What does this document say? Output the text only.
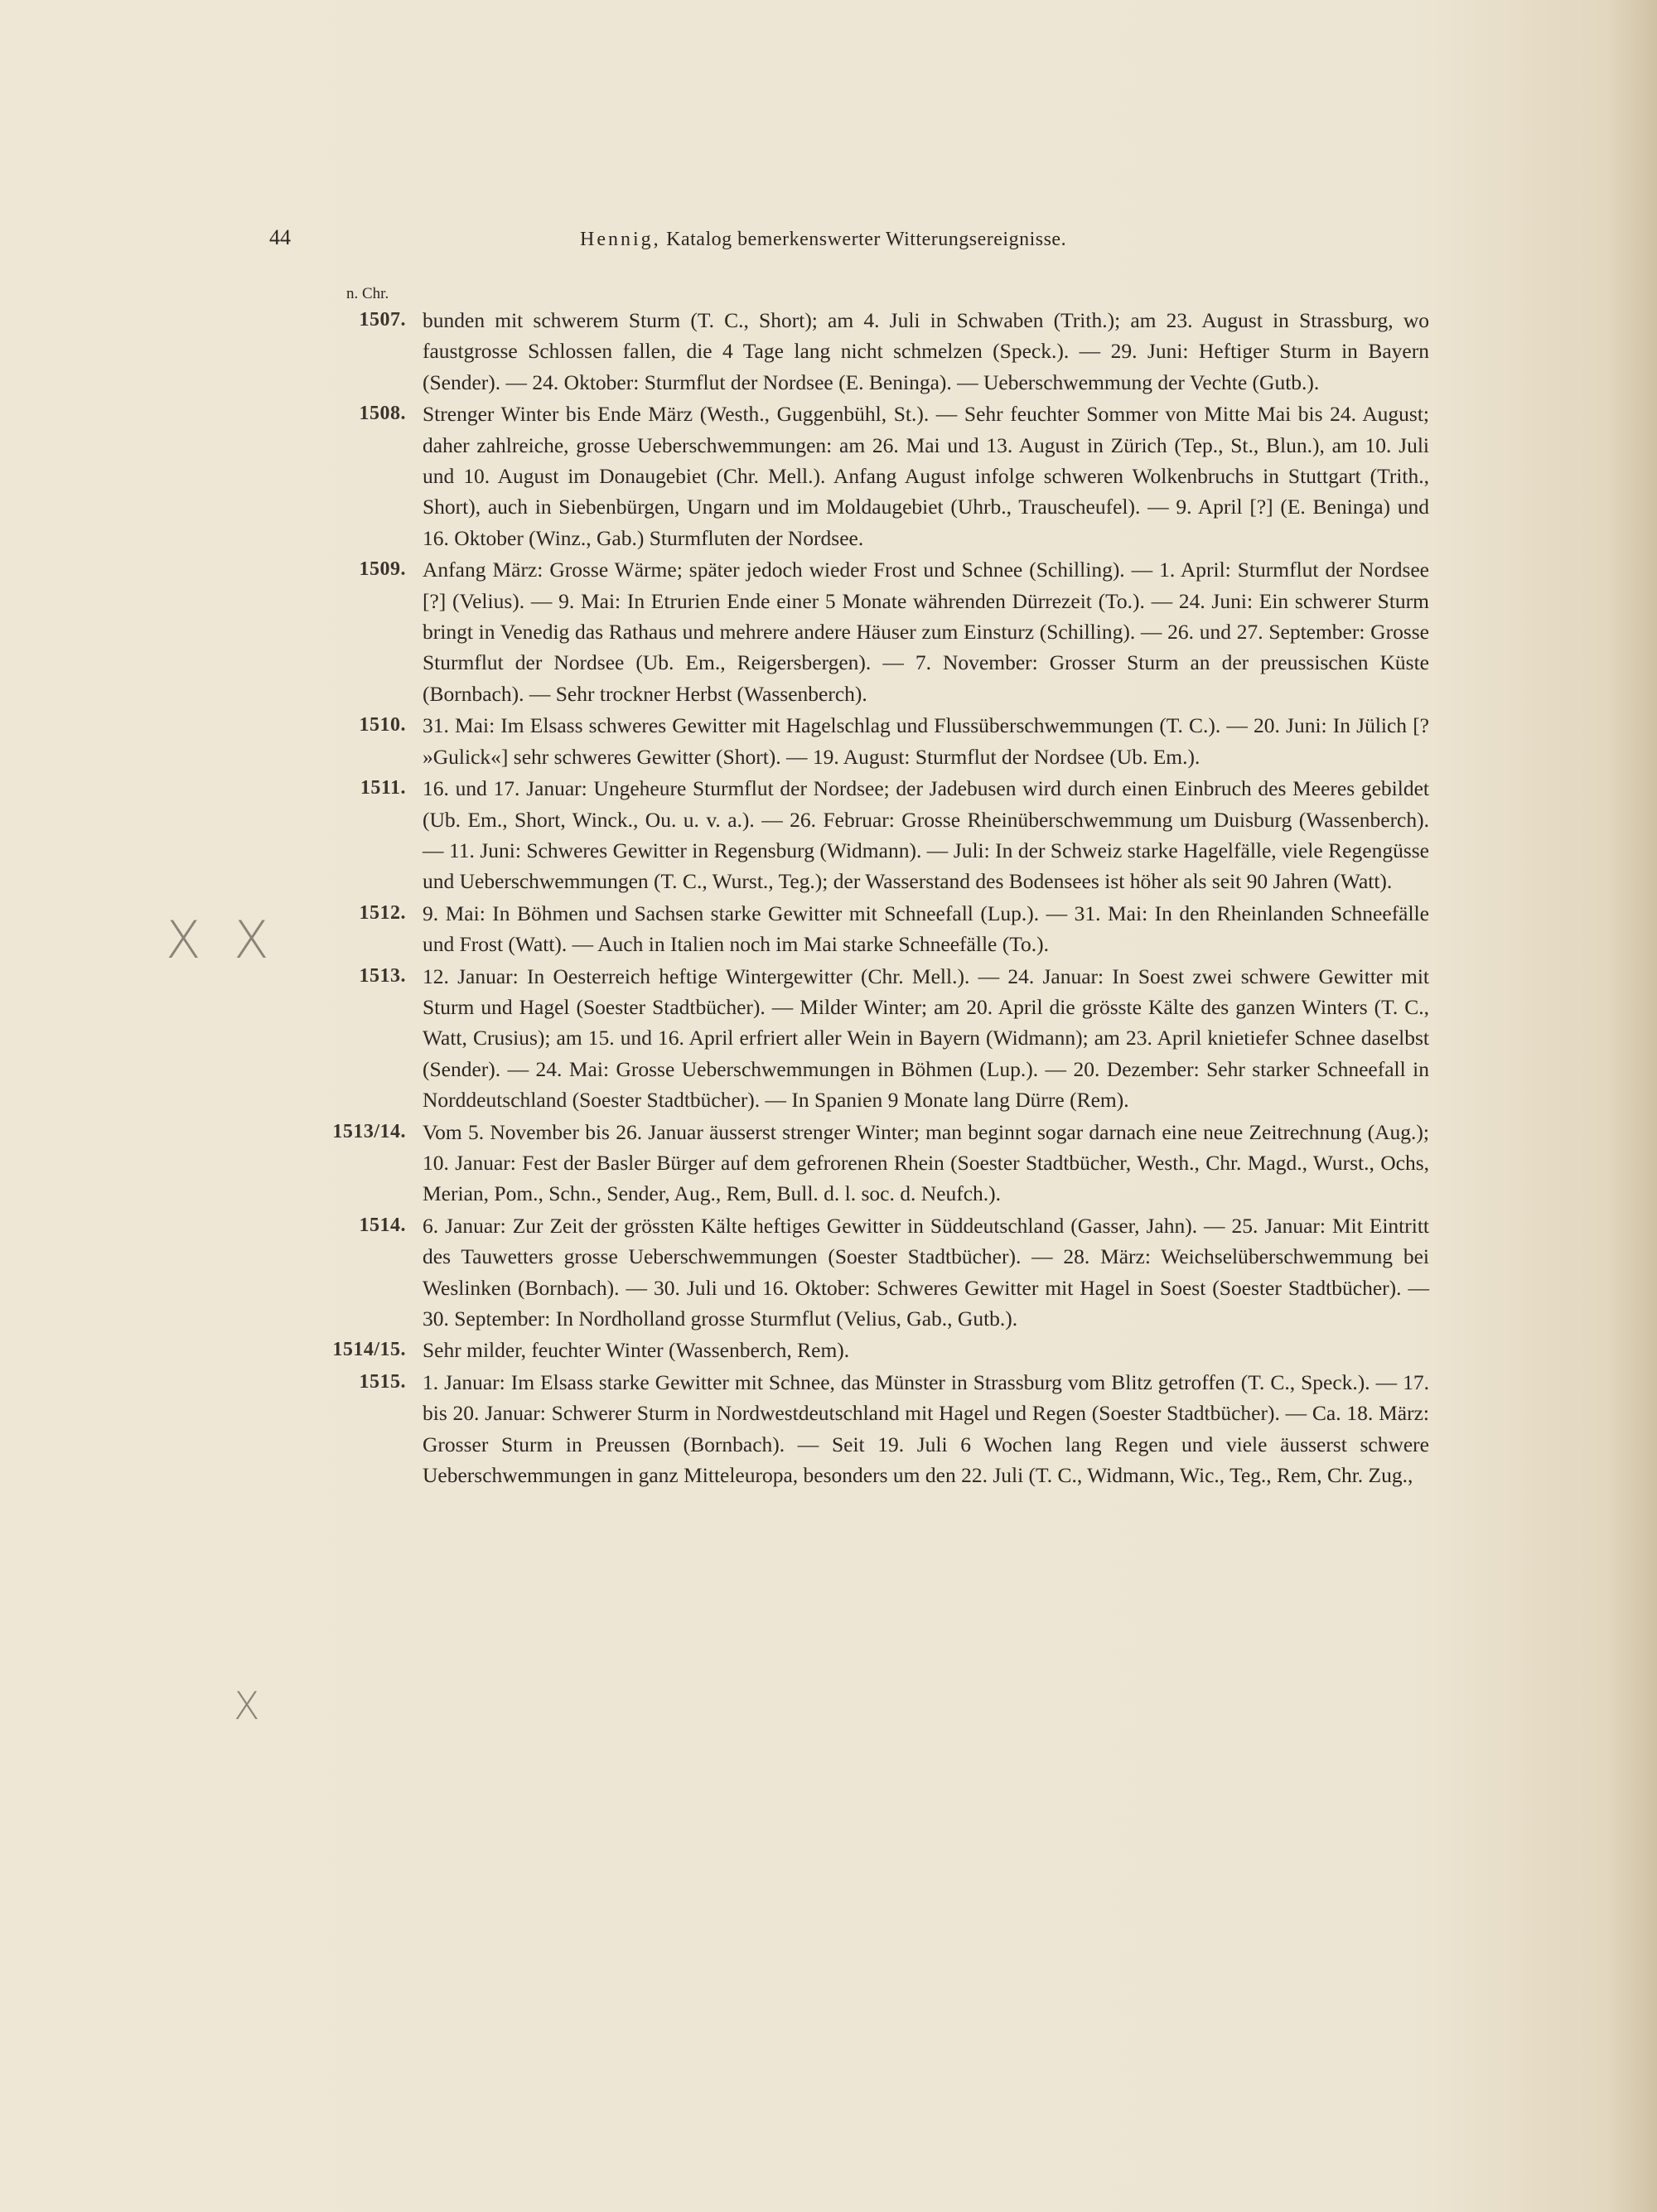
44	Hennig, Katalog bemerkenswerter Witterungsereignisse.
n. Chr.
X X
X
1507. bunden mit schwerem Sturm (T. C., Short); am 4. Juli in Schwaben (Trith.); am 23. August in Strassburg, wo faustgrosse Schlossen fallen, die 4 Tage lang nicht schmelzen (Speck.). — 29. Juni: Heftiger Sturm in Bayern (Sender). — 24. Oktober: Sturmflut der Nordsee (E. Beninga). — Ueberschwemmung der Vechte (Gutb.).
1508. Strenger Winter bis Ende März (Westh., Guggenbühl, St.). — Sehr feuchter Sommer von Mitte Mai bis 24. August; daher zahlreiche, grosse Ueberschwemmungen: am 26. Mai und 13. August in Zürich (Tep., St., Blun.), am 10. Juli und 10. August im Donaugebiet (Chr. Mell.). Anfang August infolge schweren Wolkenbruchs in Stuttgart (Trith., Short), auch in Siebenbürgen, Ungarn und im Moldaugebiet (Uhrb., Trauscheufel). — 9. April [?] (E. Beninga) und 16. Oktober (Winz., Gab.) Sturmfluten der Nordsee.
1509. Anfang März: Grosse Wärme; später jedoch wieder Frost und Schnee (Schilling). — 1. April: Sturmflut der Nordsee [?] (Velius). — 9. Mai: In Etrurien Ende einer 5 Monate währenden Dürrezeit (To.). — 24. Juni: Ein schwerer Sturm bringt in Venedig das Rathaus und mehrere andere Häuser zum Einsturz (Schilling). — 26. und 27. September: Grosse Sturmflut der Nordsee (Ub. Em., Reigersbergen). — 7. November: Grosser Sturm an der preussischen Küste (Bornbach). — Sehr trockner Herbst (Wassenberch).
1510. 31. Mai: Im Elsass schweres Gewitter mit Hagelschlag und Flussüberschwemmungen (T. C.). — 20. Juni: In Jülich [? »Gulick«] sehr schweres Gewitter (Short). — 19. August: Sturmflut der Nordsee (Ub. Em.).
1511. 16. und 17. Januar: Ungeheure Sturmflut der Nordsee; der Jadebusen wird durch einen Einbruch des Meeres gebildet (Ub. Em., Short, Winck., Ou. u. v. a.). — 26. Februar: Grosse Rheinüberschwemmung um Duisburg (Wassenberch). — 11. Juni: Schweres Gewitter in Regensburg (Widmann). — Juli: In der Schweiz starke Hagelfälle, viele Regengüsse und Ueberschwemmungen (T. C., Wurst., Teg.); der Wasserstand des Bodensees ist höher als seit 90 Jahren (Watt).
1512. 9. Mai: In Böhmen und Sachsen starke Gewitter mit Schneefall (Lup.). — 31. Mai: In den Rheinlanden Schneefälle und Frost (Watt). — Auch in Italien noch im Mai starke Schneefälle (To.).
1513. 12. Januar: In Oesterreich heftige Wintergewitter (Chr. Mell.). — 24. Januar: In Soest zwei schwere Gewitter mit Sturm und Hagel (Soester Stadtbücher). — Milder Winter; am 20. April die grösste Kälte des ganzen Winters (T. C., Watt, Crusius); am 15. und 16. April erfriert aller Wein in Bayern (Widmann); am 23. April knietiefer Schnee daselbst (Sender). — 24. Mai: Grosse Ueberschwemmungen in Böhmen (Lup.). — 20. Dezember: Sehr starker Schneefall in Norddeutschland (Soester Stadtbücher). — In Spanien 9 Monate lang Dürre (Rem).
1513/14. Vom 5. November bis 26. Januar äusserst strenger Winter; man beginnt sogar darnach eine neue Zeitrechnung (Aug.); 10. Januar: Fest der Basler Bürger auf dem gefrorenen Rhein (Soester Stadtbücher, Westh., Chr. Magd., Wurst., Ochs, Merian, Pom., Schn., Sender, Aug., Rem, Bull. d. l. soc. d. Neufch.).
1514. 6. Januar: Zur Zeit der grössten Kälte heftiges Gewitter in Süddeutschland (Gasser, Jahn). — 25. Januar: Mit Eintritt des Tauwetters grosse Ueberschwemmungen (Soester Stadtbücher). — 28. März: Weichselüberschwemmung bei Weslinken (Bornbach). — 30. Juli und 16. Oktober: Schweres Gewitter mit Hagel in Soest (Soester Stadtbücher). — 30. September: In Nordholland grosse Sturmflut (Velius, Gab., Gutb.).
1514/15. Sehr milder, feuchter Winter (Wassenberch, Rem).
1515. 1. Januar: Im Elsass starke Gewitter mit Schnee, das Münster in Strassburg vom Blitz getroffen (T. C., Speck.). — 17. bis 20. Januar: Schwerer Sturm in Nordwestdeutschland mit Hagel und Regen (Soester Stadtbücher). — Ca. 18. März: Grosser Sturm in Preussen (Bornbach). — Seit 19. Juli 6 Wochen lang Regen und viele äusserst schwere Ueberschwemmungen in ganz Mitteleuropa, besonders um den 22. Juli (T. C., Widmann, Wic., Teg., Rem, Chr. Zug.,
